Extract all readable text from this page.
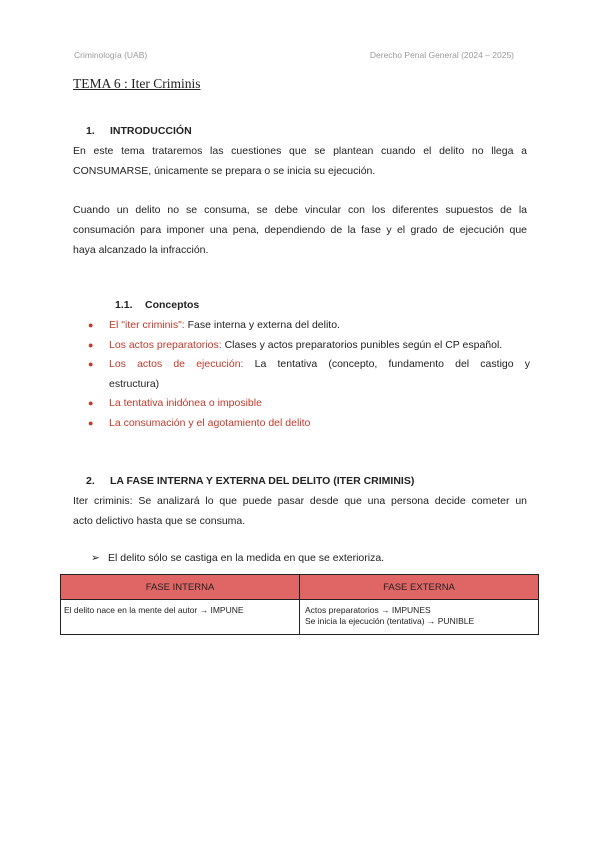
Criminología (UAB)	Derecho Penal General (2024 – 2025)
TEMA 6 : Iter Criminis
1. INTRODUCCIÓN
En este tema trataremos las cuestiones que se plantean cuando el delito no llega a
CONSUMARSE, únicamente se prepara o se inicia su ejecución.
Cuando un delito no se consuma, se debe vincular con los diferentes supuestos de la
consumación para imponer una pena, dependiendo de la fase y el grado de ejecución que
haya alcanzado la infracción.
1.1. Conceptos
● El "iter criminis": Fase interna y externa del delito.
● Los actos preparatorios: Clases y actos preparatorios punibles según el CP español.
● Los actos de ejecución: La tentativa (concepto, fundamento del castigo y
estructura)
● La tentativa inidónea o imposible
● La consumación y el agotamiento del delito
2. LA FASE INTERNA Y EXTERNA DEL DELITO (ITER CRIMINIS)
Iter criminis: Se analizará lo que puede pasar desde que una persona decide cometer un
acto delictivo hasta que se consuma.
➢ El delito sólo se castiga en la medida en que se exterioriza.
FASE INTERNA	FASE EXTERNA
El delito nace en la mente del autor → IMPUNE	Actos preparatorios → IMPUNES
Se inicia la ejecución (tentativa) → PUNIBLE
